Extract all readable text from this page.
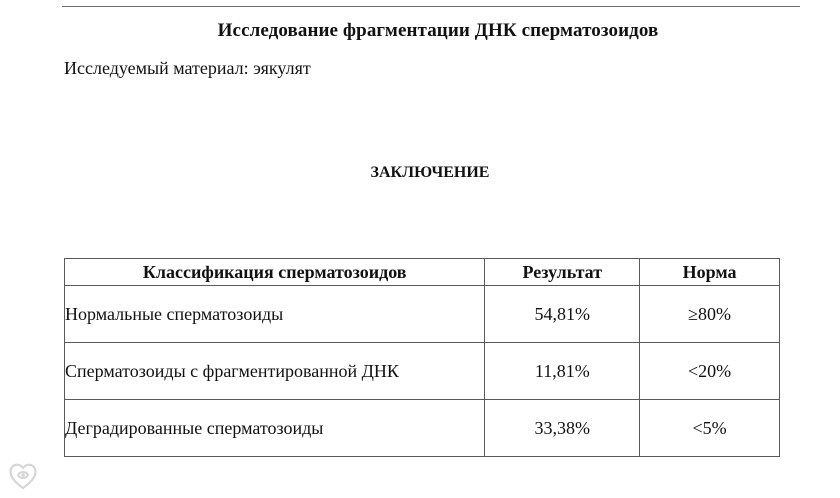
Исследование фрагментации ДНК сперматозоидов
Исследуемый материал: эякулят
ЗАКЛЮЧЕНИЕ
Классификация сперматозоидов	Результат	Норма
Нормальные сперматозоиды	54,81%	≥80%
Сперматозоиды с фрагментированной ДНК	11,81%	<20%
Деградированные сперматозоиды	33,38%	<5%
